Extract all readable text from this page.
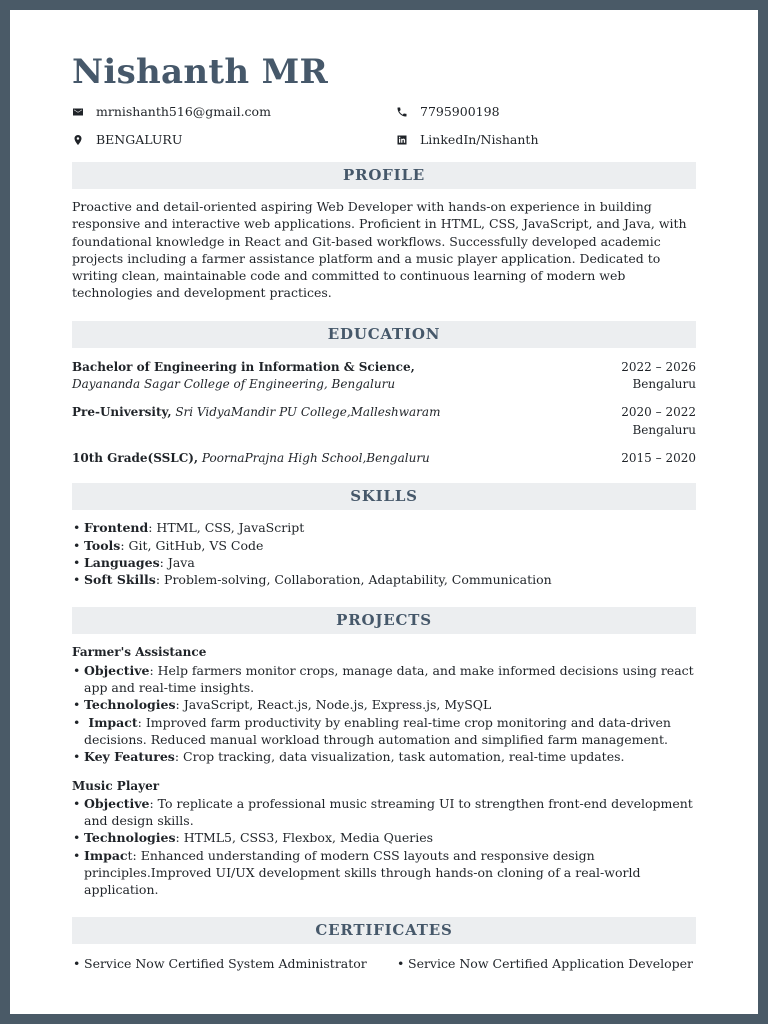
Nishanth MR
mrnishanth516@gmail.com	7795900198
BENGALURU	LinkedIn/Nishanth
PROFILE

Proactive and detail-oriented aspiring Web Developer with hands-on experience in building responsive and interactive web applications. Proficient in HTML, CSS, JavaScript, and Java, with foundational knowledge in React and Git-based workflows. Successfully developed academic projects including a farmer assistance platform and a music player application. Dedicated to writing clean, maintainable code and committed to continuous learning of modern web technologies and development practices.

EDUCATION
Bachelor of Engineering in Information & Science,	2022 – 2026
Dayananda Sagar College of Engineering, Bengaluru	Bengaluru
Pre-University, Sri VidyaMandir PU College,Malleshwaram	2020 – 2022
Bengaluru
10th Grade(SSLC), PoornaPrajna High School,Bengaluru	2015 – 2020
SKILLS
• Frontend: HTML, CSS, JavaScript
• Tools: Git, GitHub, VS Code
• Languages: Java
• Soft Skills: Problem-solving, Collaboration, Adaptability, Communication
PROJECTS
Farmer's Assistance
• Objective: Help farmers monitor crops, manage data, and make informed decisions using react app and real-time insights.
• Technologies: JavaScript, React.js, Node.js, Express.js, MySQL
•  Impact: Improved farm productivity by enabling real-time crop monitoring and data-driven decisions. Reduced manual workload through automation and simplified farm management.
• Key Features: Crop tracking, data visualization, task automation, real-time updates.
Music Player
• Objective: To replicate a professional music streaming UI to strengthen front-end development and design skills.
• Technologies: HTML5, CSS3, Flexbox, Media Queries
• Impact: Enhanced understanding of modern CSS layouts and responsive design principles.Improved UI/UX development skills through hands-on cloning of a real-world application.
CERTIFICATES
• Service Now Certified System Administrator
•	Service Now Certified Application Developer
